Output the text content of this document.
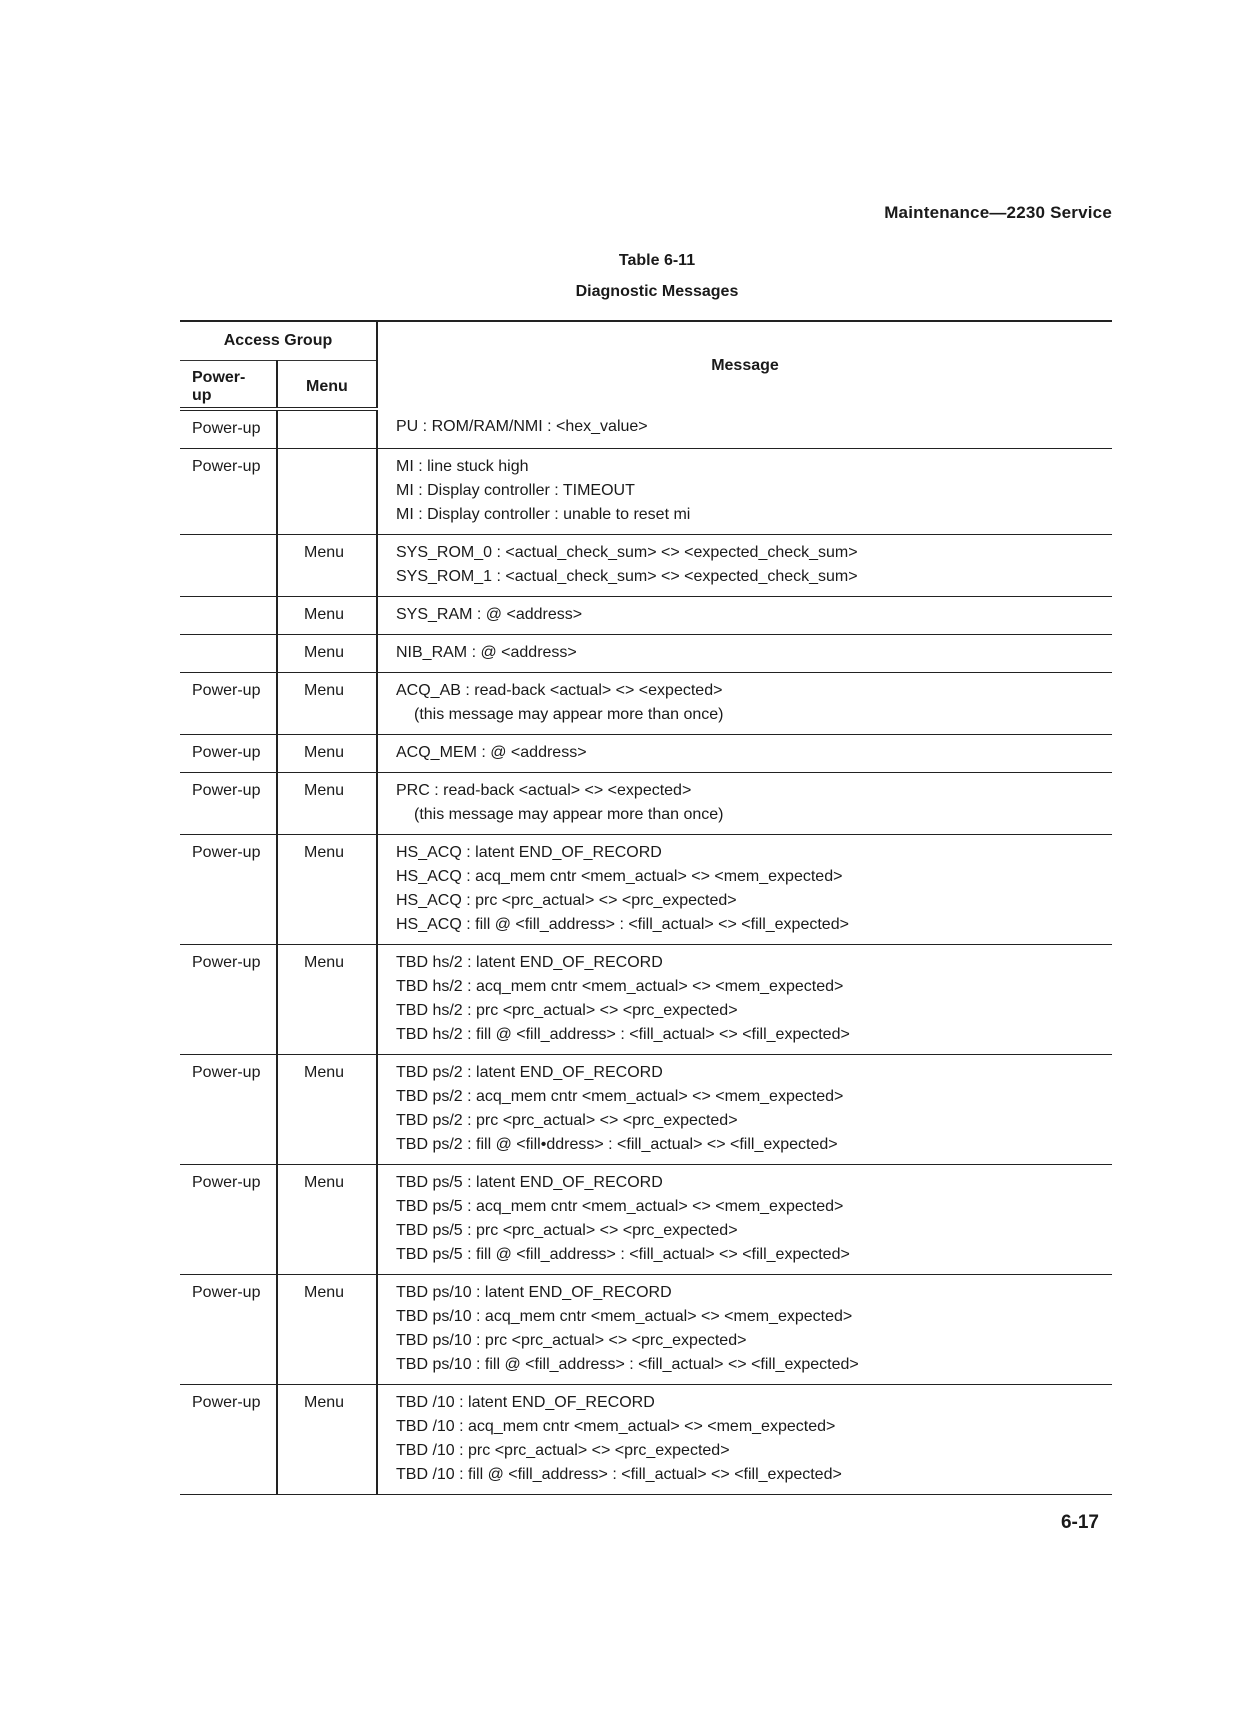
Maintenance—2230 Service
Table 6-11
Diagnostic Messages
Access Group		Message
Power-up	Menu	
Power-up		PU : ROM/RAM/NMI : <hex_value>

Power-up		MI : line stuck high
MI : Display controller : TIMEOUT
MI : Display controller : unable to reset mi

	Menu	SYS_ROM_0 : <actual_check_sum> <> <expected_check_sum>
SYS_ROM_1 : <actual_check_sum> <> <expected_check_sum>

	Menu	SYS_RAM : @ <address>

	Menu	NIB_RAM : @ <address>

Power-up	Menu	ACQ_AB : read-back <actual> <> <expected>
(this message may appear more than once)

Power-up	Menu	ACQ_MEM : @ <address>

Power-up	Menu	PRC : read-back <actual> <> <expected>
(this message may appear more than once)

Power-up	Menu	HS_ACQ : latent END_OF_RECORD
HS_ACQ : acq_mem cntr <mem_actual> <> <mem_expected>
HS_ACQ : prc <prc_actual> <> <prc_expected>
HS_ACQ : fill @ <fill_address> : <fill_actual> <> <fill_expected>

Power-up	Menu	TBD hs/2 : latent END_OF_RECORD
TBD hs/2 : acq_mem cntr <mem_actual> <> <mem_expected>
TBD hs/2 : prc <prc_actual> <> <prc_expected>
TBD hs/2 : fill @ <fill_address> : <fill_actual> <> <fill_expected>

Power-up	Menu	TBD ps/2 : latent END_OF_RECORD
TBD ps/2 : acq_mem cntr <mem_actual> <> <mem_expected>
TBD ps/2 : prc <prc_actual> <> <prc_expected>
TBD ps/2 : fill @ <fill•ddress> : <fill_actual> <> <fill_expected>

Power-up	Menu	TBD ps/5 : latent END_OF_RECORD
TBD ps/5 : acq_mem cntr <mem_actual> <> <mem_expected>
TBD ps/5 : prc <prc_actual> <> <prc_expected>
TBD ps/5 : fill @ <fill_address> : <fill_actual> <> <fill_expected>

Power-up	Menu	TBD ps/10 : latent END_OF_RECORD
TBD ps/10 : acq_mem cntr <mem_actual> <> <mem_expected>
TBD ps/10 : prc <prc_actual> <> <prc_expected>
TBD ps/10 : fill @ <fill_address> : <fill_actual> <> <fill_expected>

Power-up	Menu	TBD /10 : latent END_OF_RECORD
TBD /10 : acq_mem cntr <mem_actual> <> <mem_expected>
TBD /10 : prc <prc_actual> <> <prc_expected>
TBD /10 : fill @ <fill_address> : <fill_actual> <> <fill_expected>
6-17
